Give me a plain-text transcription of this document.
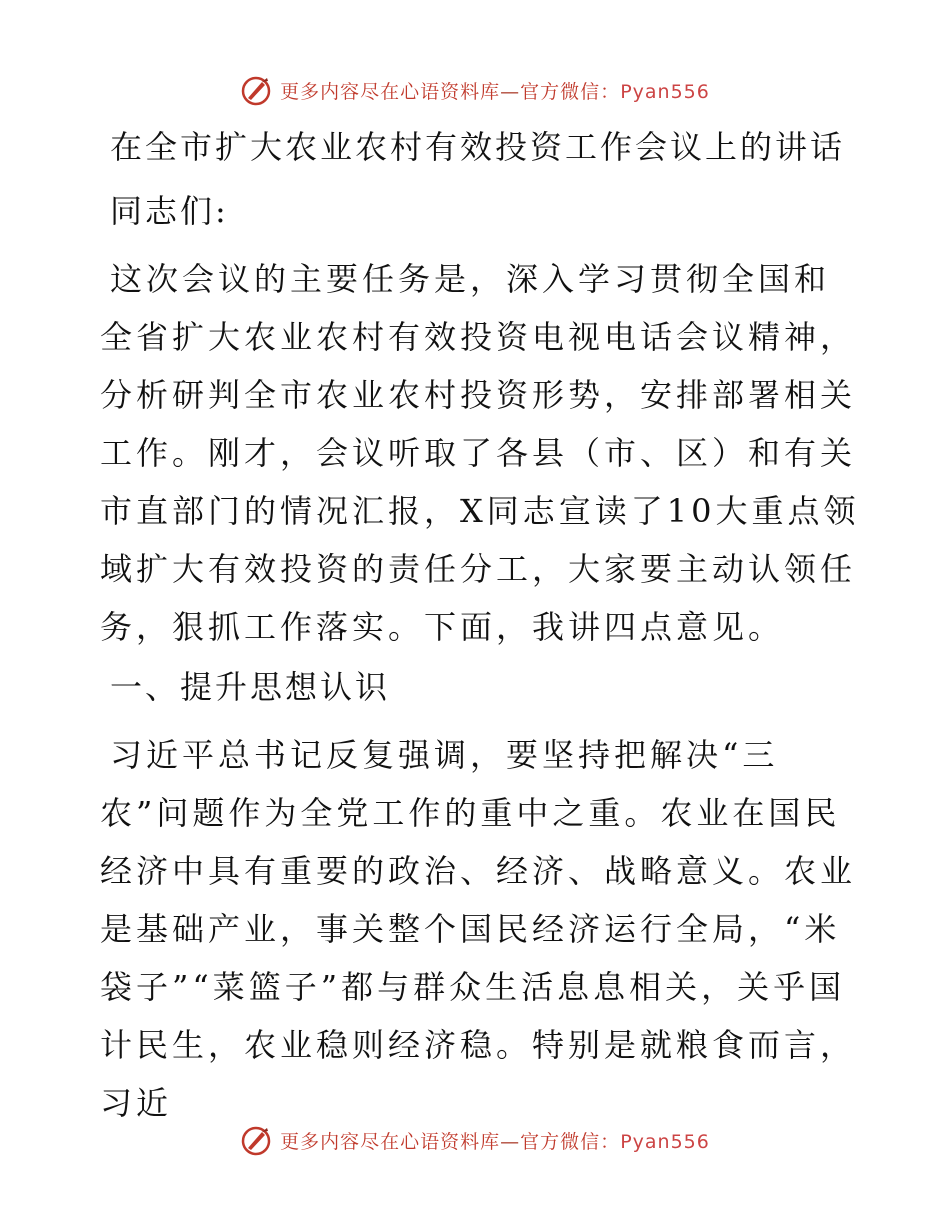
更多内容尽在心语资料库—官方微信：Pyan556
在全市扩大农业农村有效投资工作会议上的讲话
同志们:

这次会议的主要任务是，深入学习贯彻全国和全省扩大农业农村有效投资电视电话会议精神，分析研判全市农业农村投资形势，安排部署相关工作。刚才，会议听取了各县（市、区）和有关市直部门的情况汇报，X同志宣读了10大重点领域扩大有效投资的责任分工，大家要主动认领任务，狠抓工作落实。下面，我讲四点意见。

一、提升思想认识

习近平总书记反复强调，要坚持把解决“三农”问题作为全党工作的重中之重。农业在国民经济中具有重要的政治、经济、战略意义。农业是基础产业，事关整个国民经济运行全局，“米袋子”“菜篮子”都与群众生活息息相关，关乎国计民生，农业稳则经济稳。特别是就粮食而言，习近

更多内容尽在心语资料库—官方微信：Pyan556
